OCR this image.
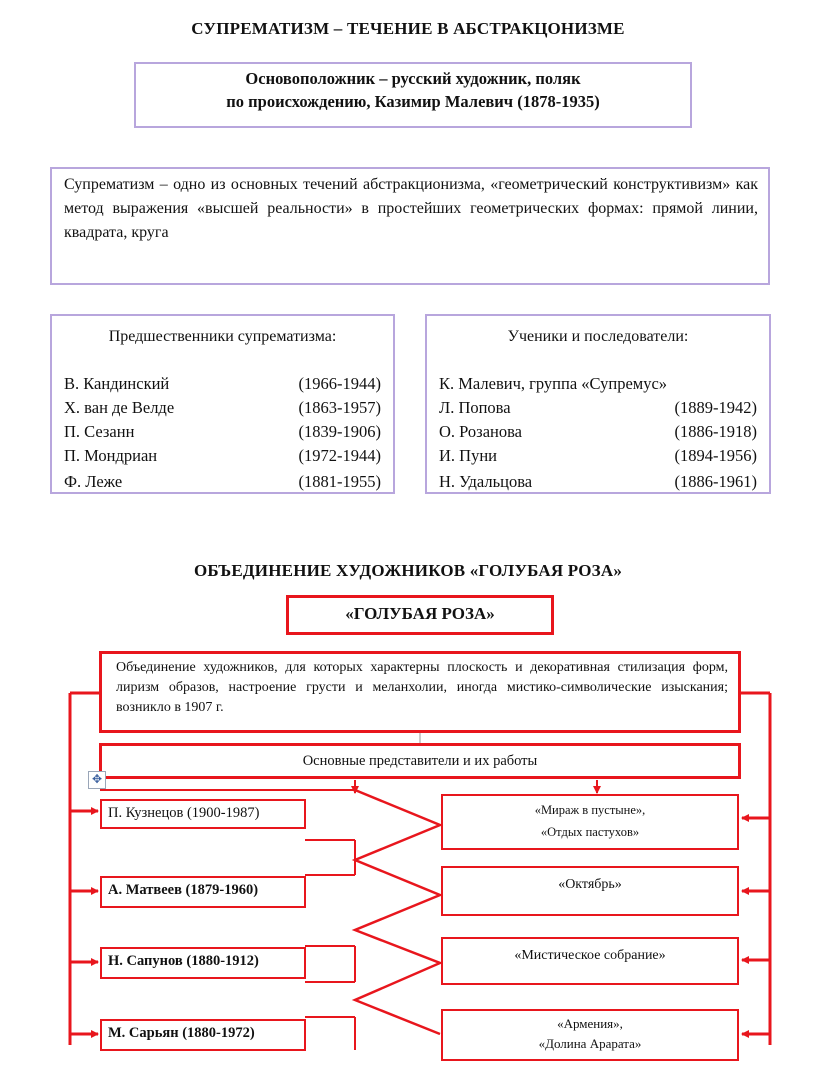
СУПРЕМАТИЗМ – ТЕЧЕНИЕ В АБСТРАКЦОНИЗМЕ
Основоположник – русский художник, поляк
по происхождению, Казимир Малевич (1878-1935)
Супрематизм – одно из основных течений абстракционизма, «геометрический конструктивизм» как метод выражения «высшей реальности» в простейших геометрических формах: прямой линии, квадрата, круга
Предшественники супрематизма:
В. Кандинский	(1966-1944)
Х. ван де Велде	(1863-1957)
П. Сезанн	(1839-1906)
П. Мондриан	(1972-1944)
Ф. Леже	(1881-1955)
Ученики и последователи:
К. Малевич, группа «Супремус»
Л. Попова	(1889-1942)
О. Розанова	(1886-1918)
И. Пуни	(1894-1956)
Н. Удальцова	(1886-1961)
ОБЪЕДИНЕНИЕ ХУДОЖНИКОВ «ГОЛУБАЯ РОЗА»
«ГОЛУБАЯ РОЗА»
Объединение художников, для которых характерны плоскость и декоративная стилизация форм, лиризм образов, настроение грусти и меланхолии, иногда мистико-символические изыскания; возникло в 1907 г.
Основные представители и их работы
✥
П. Кузнецов (1900-1987)
А. Матвеев (1879-1960)
Н. Сапунов (1880-1912)
М. Сарьян (1880-1972)
«Мираж в пустыне»,
«Отдых пастухов»
«Октябрь»
«Мистическое собрание»
«Армения»,
«Долина Арарата»
